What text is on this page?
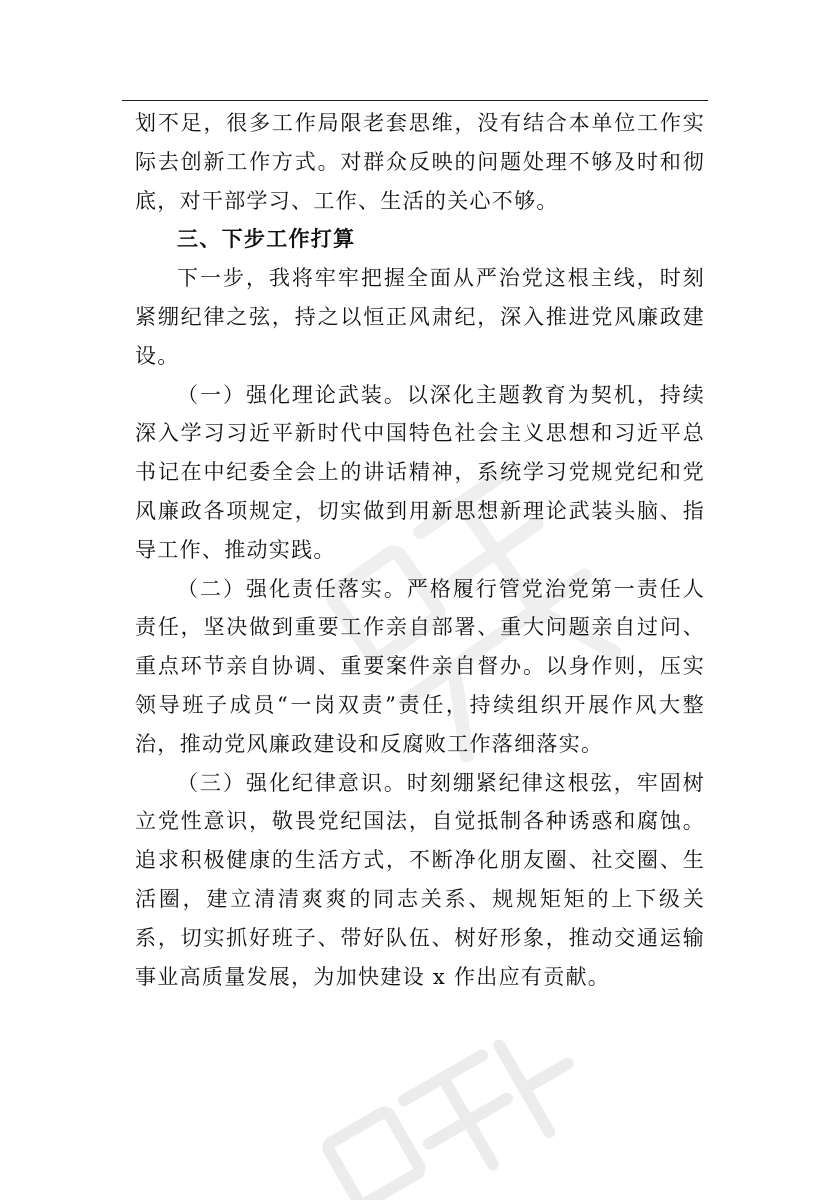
划不足，很多工作局限老套思维，没有结合本单位工作实际去创新工作方式。对群众反映的问题处理不够及时和彻底，对干部学习、工作、生活的关心不够。

三、下步工作打算

下一步，我将牢牢把握全面从严治党这根主线，时刻紧绷纪律之弦，持之以恒正风肃纪，深入推进党风廉政建设。

（一）强化理论武装。以深化主题教育为契机，持续深入学习习近平新时代中国特色社会主义思想和习近平总书记在中纪委全会上的讲话精神，系统学习党规党纪和党风廉政各项规定，切实做到用新思想新理论武装头脑、指导工作、推动实践。

（二）强化责任落实。严格履行管党治党第一责任人责任，坚决做到重要工作亲自部署、重大问题亲自过问、重点环节亲自协调、重要案件亲自督办。以身作则，压实领导班子成员“一岗双责”责任，持续组织开展作风大整治，推动党风廉政建设和反腐败工作落细落实。

（三）强化纪律意识。时刻绷紧纪律这根弦，牢固树立党性意识，敬畏党纪国法，自觉抵制各种诱惑和腐蚀。追求积极健康的生活方式，不断净化朋友圈、社交圈、生活圈，建立清清爽爽的同志关系、规规矩矩的上下级关系，切实抓好班子、带好队伍、树好形象，推动交通运输事业高质量发展，为加快建设 x 作出应有贡献。
